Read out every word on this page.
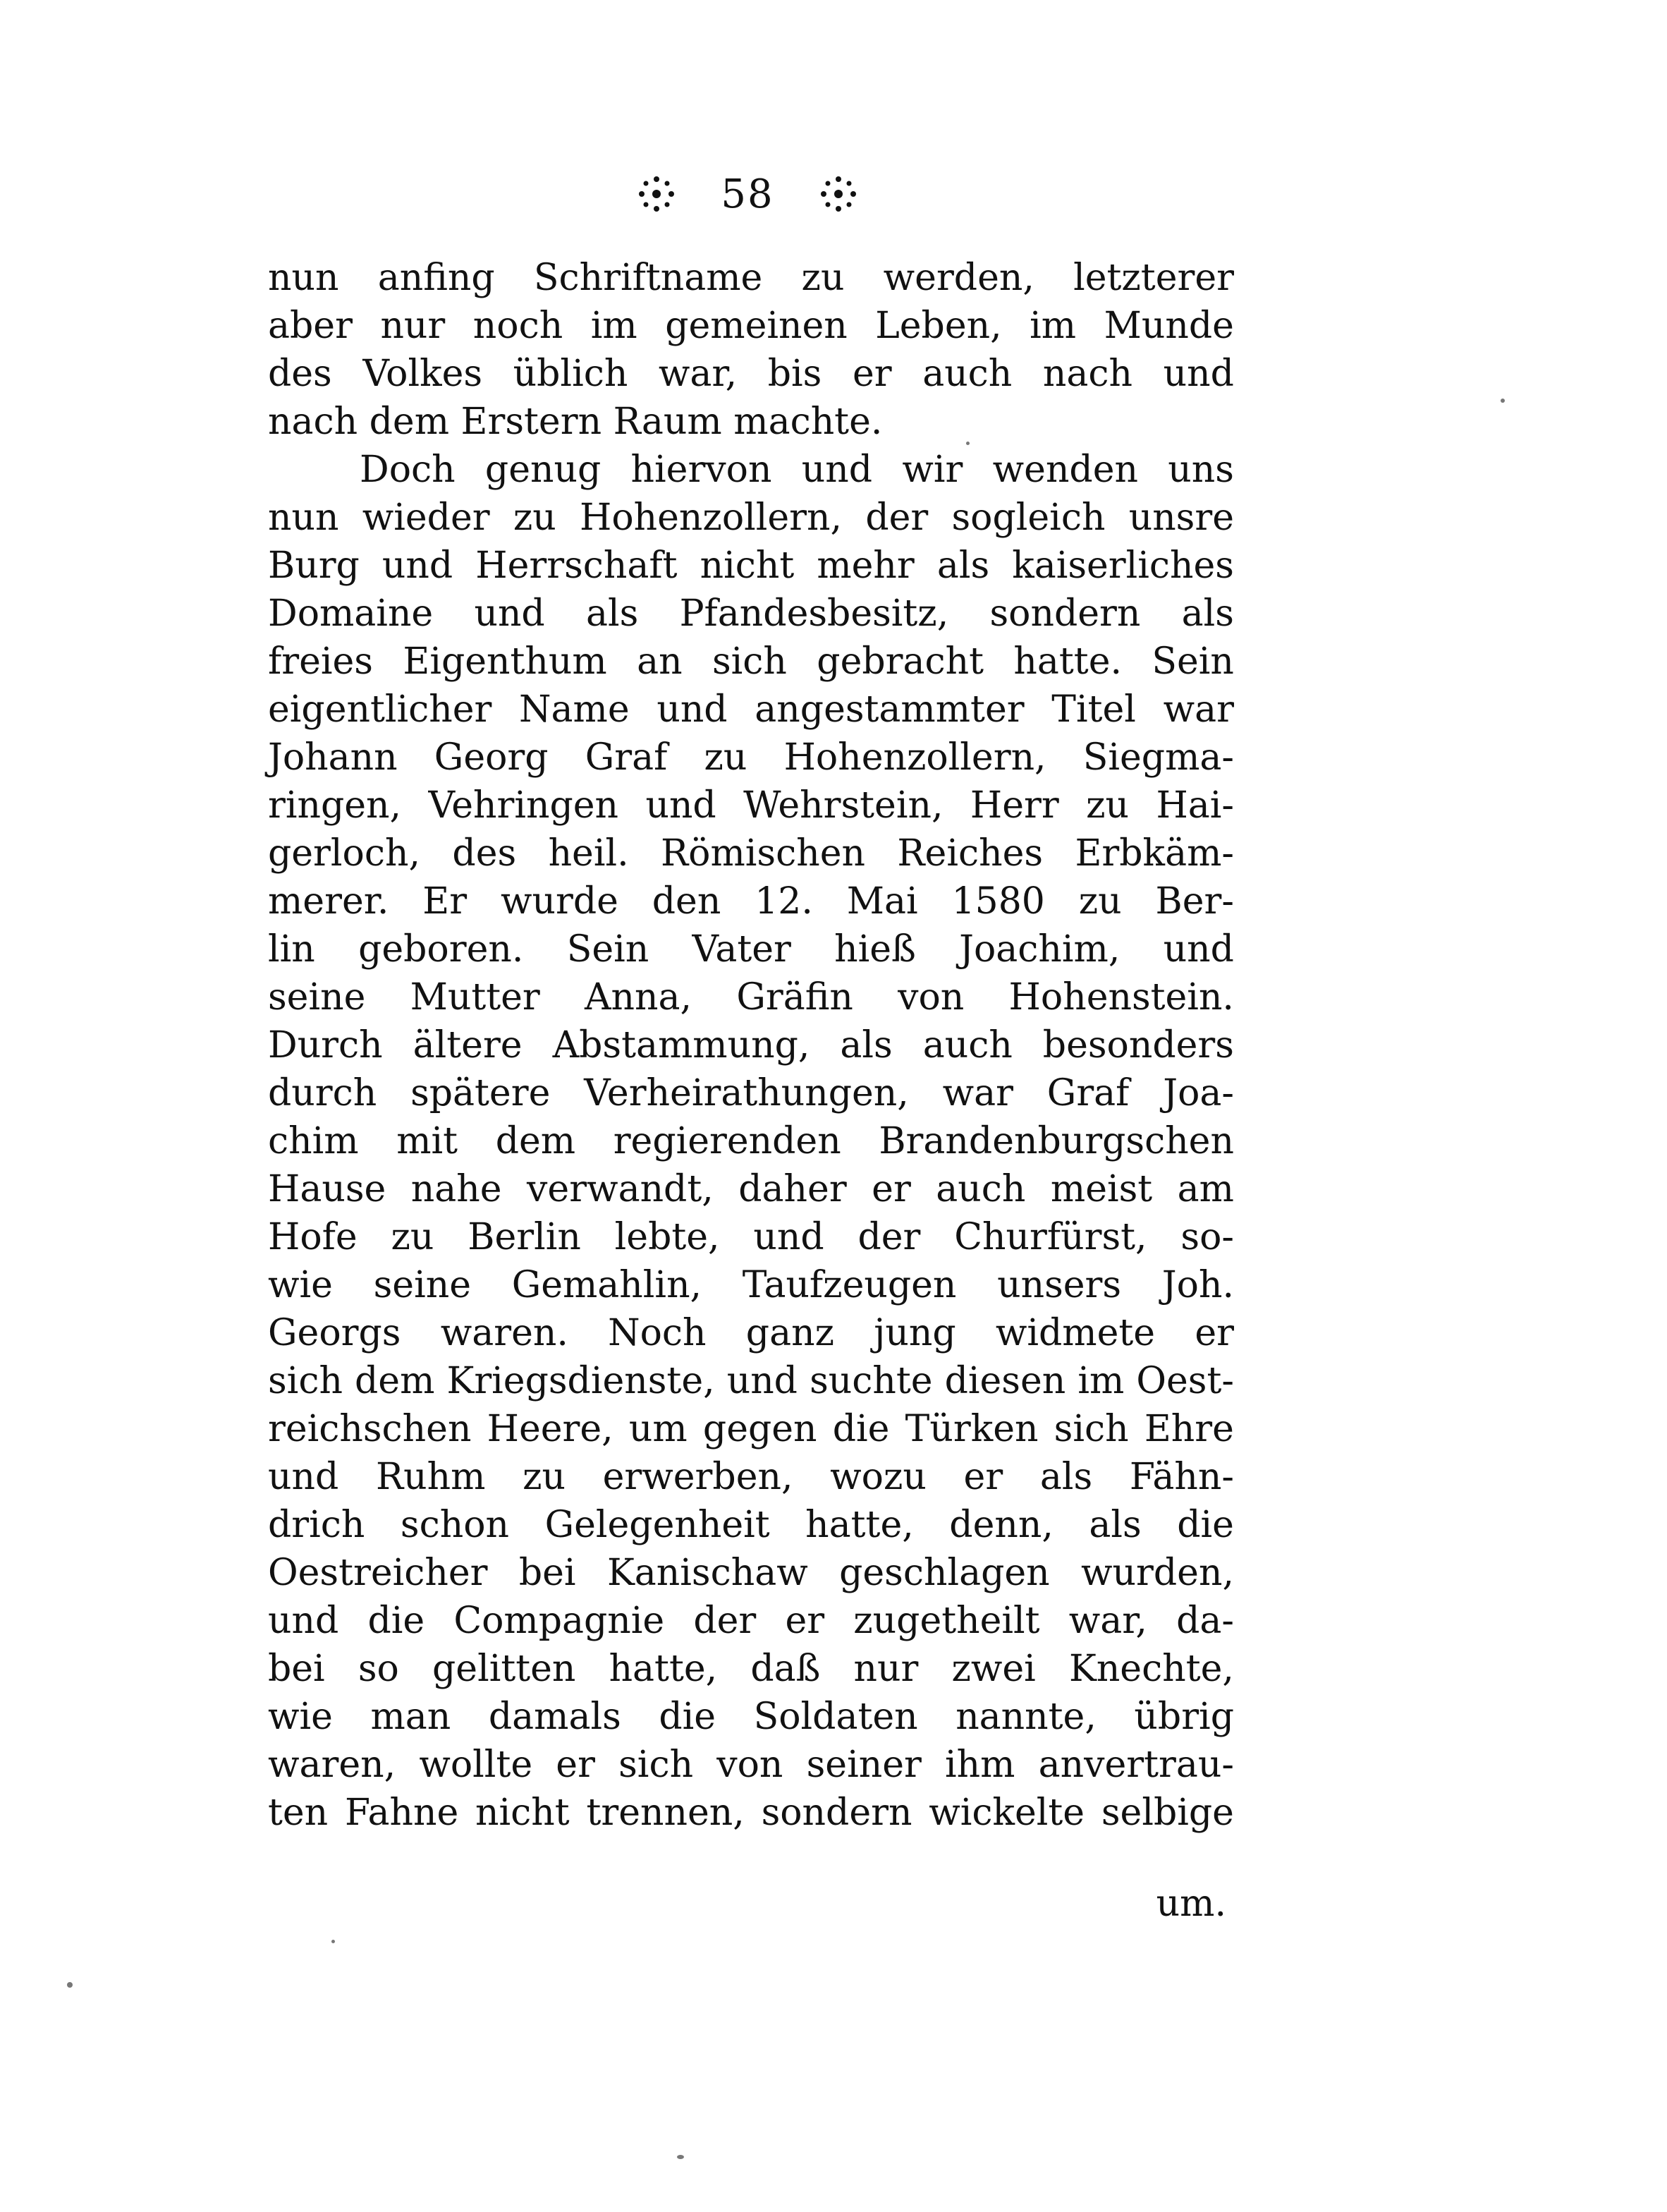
58
nun anfing Schriftname zu werden, letzterer
aber nur noch im gemeinen Leben, im Munde
des Volkes üblich war, bis er auch nach und
nach dem Erstern Raum machte.
Doch genug hiervon und wir wenden uns
nun wieder zu Hohenzollern, der sogleich unsre
Burg und Herrschaft nicht mehr als kaiserliches
Domaine und als Pfandesbesitz, sondern als
freies Eigenthum an sich gebracht hatte. Sein
eigentlicher Name und angestammter Titel war
Johann Georg Graf zu Hohenzollern, Siegma-
ringen, Vehringen und Wehrstein, Herr zu Hai-
gerloch, des heil. Römischen Reiches Erbkäm-
merer. Er wurde den 12. Mai 1580 zu Ber-
lin geboren. Sein Vater hieß Joachim, und
seine Mutter Anna, Gräfin von Hohenstein.
Durch ältere Abstammung, als auch besonders
durch spätere Verheirathungen, war Graf Joa-
chim mit dem regierenden Brandenburgschen
Hause nahe verwandt, daher er auch meist am
Hofe zu Berlin lebte, und der Churfürst, so-
wie seine Gemahlin, Taufzeugen unsers Joh.
Georgs waren. Noch ganz jung widmete er
sich dem Kriegsdienste, und suchte diesen im Oest-
reichschen Heere, um gegen die Türken sich Ehre
und Ruhm zu erwerben, wozu er als Fähn-
drich schon Gelegenheit hatte, denn, als die
Oestreicher bei Kanischaw geschlagen wurden,
und die Compagnie der er zugetheilt war, da-
bei so gelitten hatte, daß nur zwei Knechte,
wie man damals die Soldaten nannte, übrig
waren, wollte er sich von seiner ihm anvertrau-
ten Fahne nicht trennen, sondern wickelte selbige
um.
